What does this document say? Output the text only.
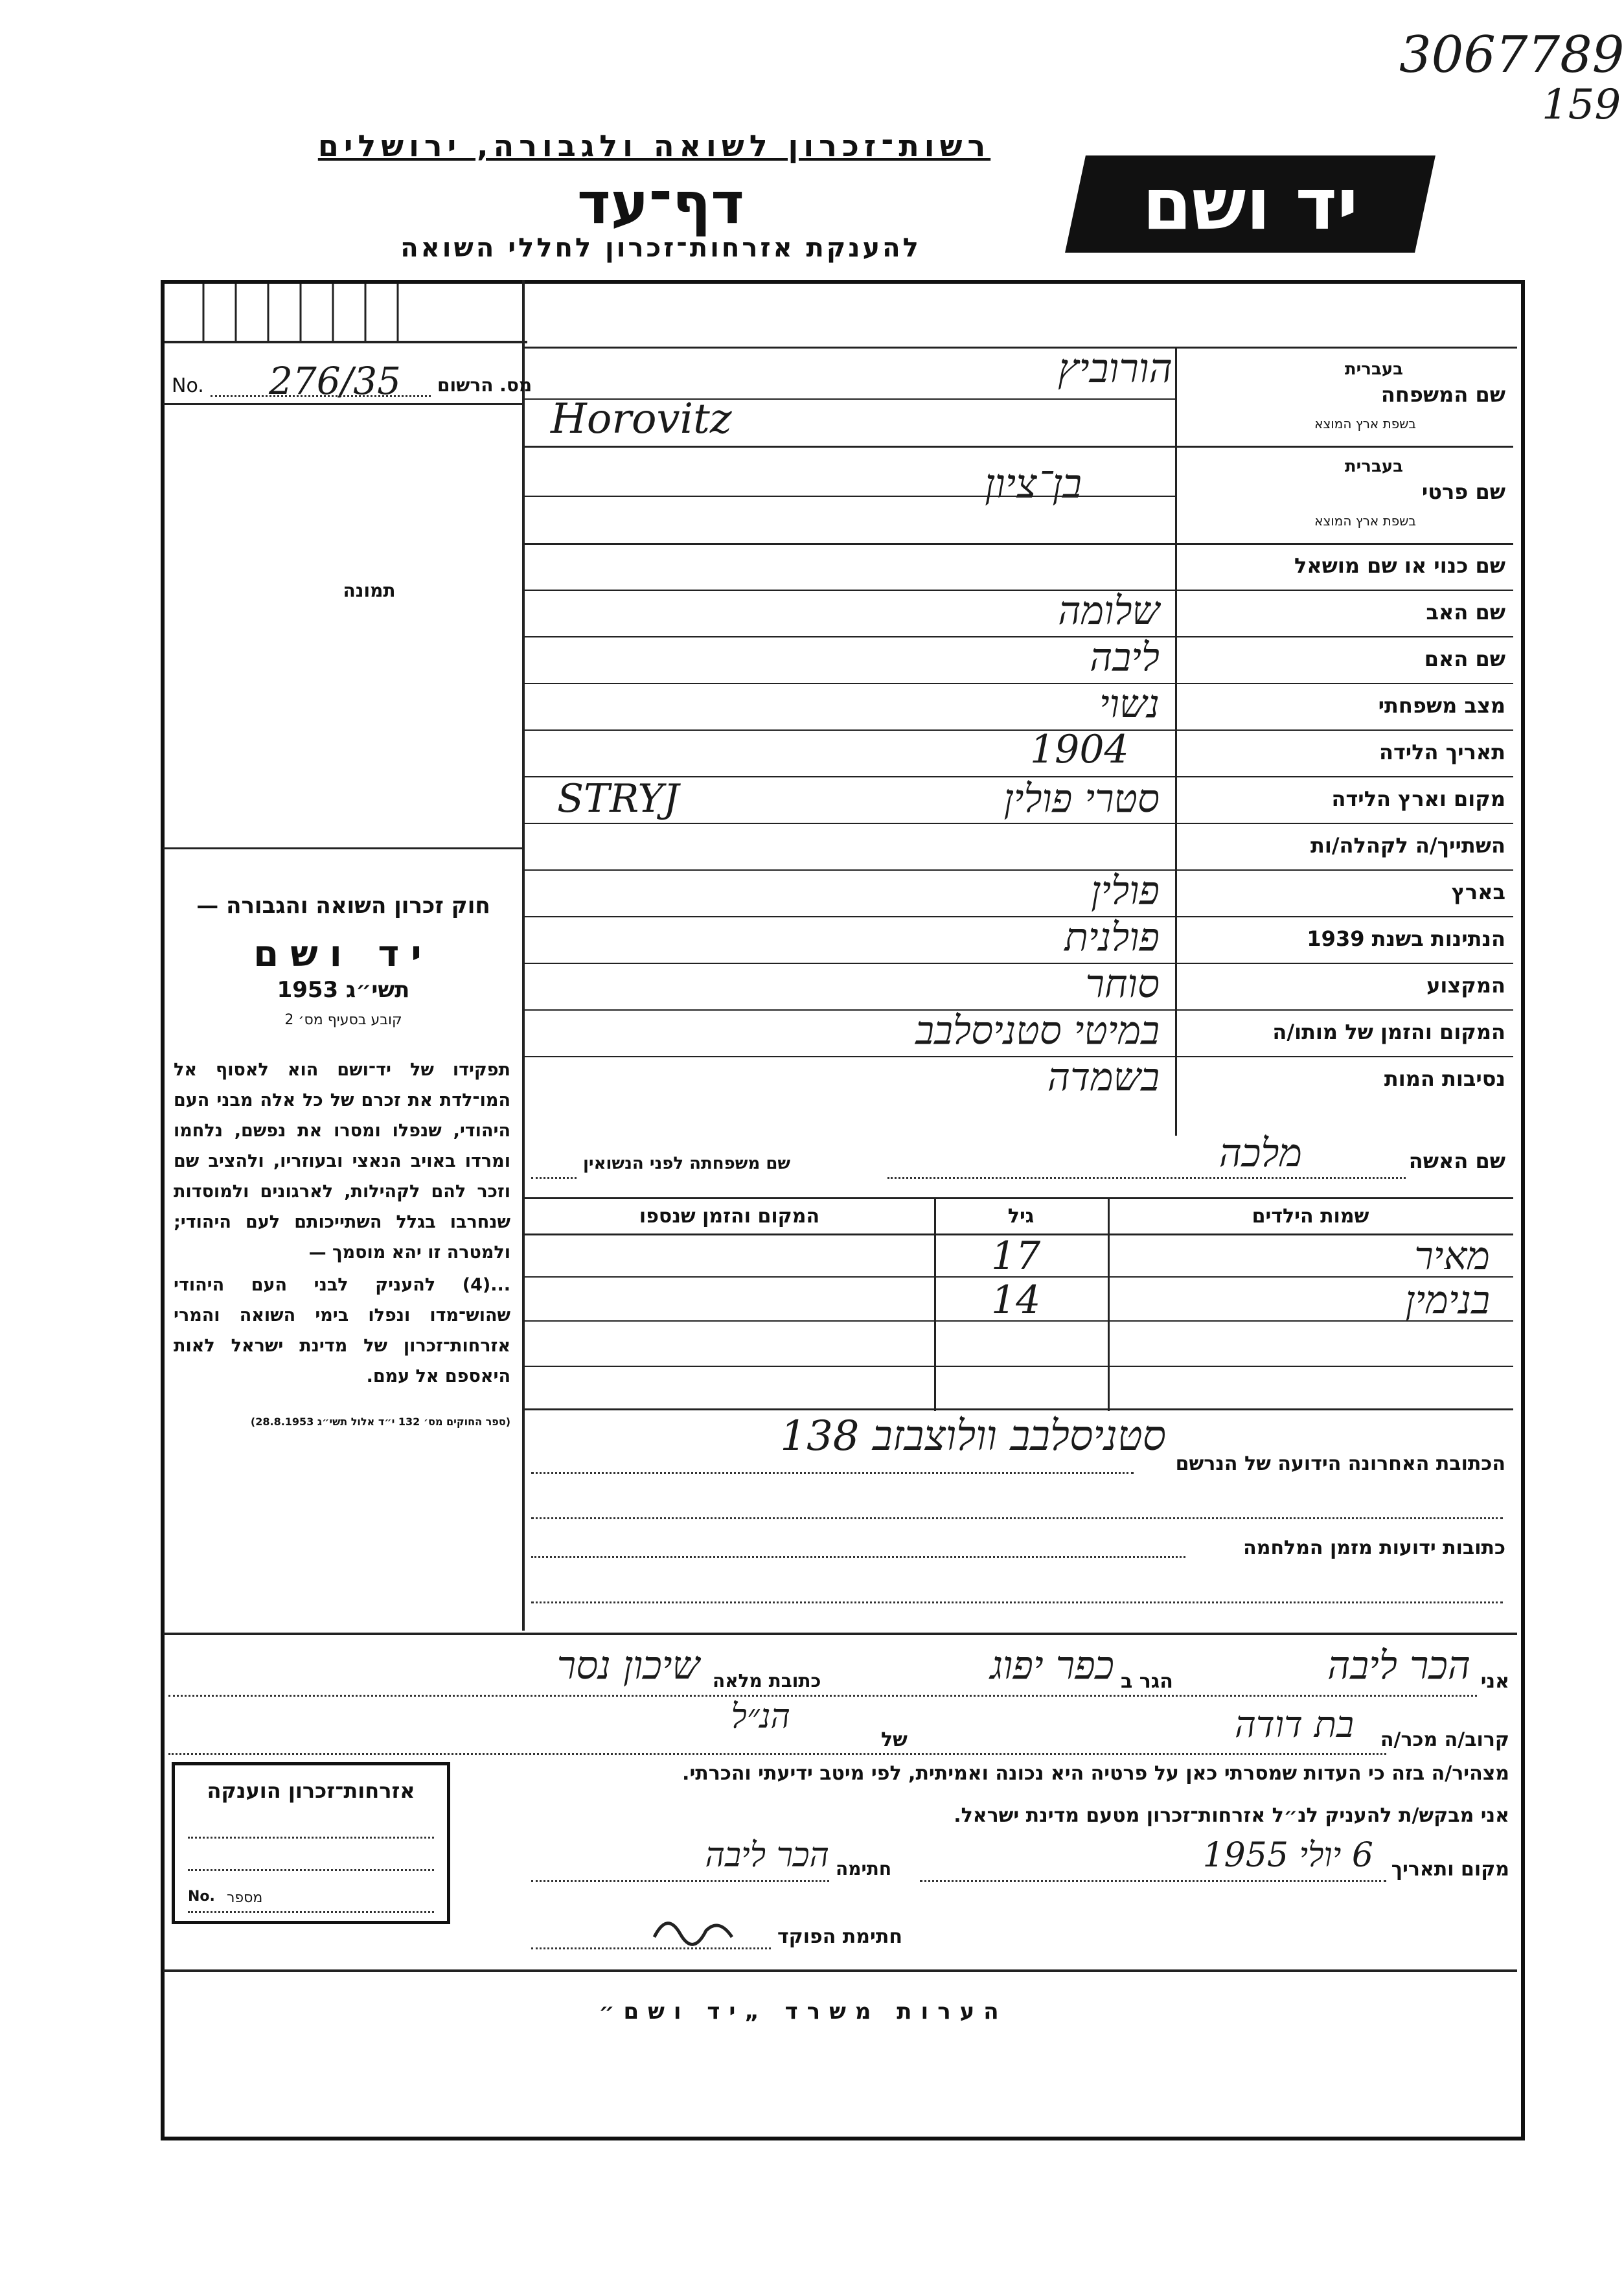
3067789
159
רשות־זכרון לשואה ולגבורה, ירושלים
דף־עד
להענקת אזרחות־זכרון לחללי השואה
יד ושם
No. 276/35 מס. הרשום
תמונה
חוק זכרון השואה והגבורה —
יד ושם
תשי״ג 1953
קובע בסעיף מס׳ 2
תפקידו של יד־ושם הוא לאסוף אל המו־לדת את זכרם של כל אלה מבני העם היהודי, שנפלו ומסרו את נפשם, נלחמו ומרדו באויב הנאצי ובעוזריו, ולהציב שם וזכר להם לקהילות, לארגונים ולמוסדות שנחרבו בגלל השתייכותם לעם היהודי; ולמטרה זו יהא מוסמך —
...(4) להעניק לבני העם היהודי שהוש־מדו ונפלו בימי השואה והמרי אזרחות־זכרון של מדינת ישראל לאות היאספם אל עמם.
(ספר החוקים מס׳ 132 י״ד אלול תשי״ג 28.8.1953)
שם המשפחה
בעברית
בשפת ארץ המוצא
הורוביץ
Horovitz
שם פרטי
בעברית
בשפת ארץ המוצא
בן־ציון
שם כנוי או שם מושאל
שם האב
שלומה
שם האם
ליבה
מצב משפחתי
נשוי
תאריך הלידה
1904
מקום וארץ הלידה
סטרי פולין
STRYJ
השתייך/ה לקהלה/ות
בארץ
פולין
הנתינות בשנת 1939
פולנית
המקצוע
סוחר
המקום והזמן של מותו/ה
במיטי סטניסלבב
נסיבות המות
בשמדה
שם האשה
מלכה
שם משפחתה לפני הנשואין
שמות הילדים
גיל
המקום והזמן שנספו
מאיר
17
בנימין
14
סטניסלבב וולוצבזב 138
הכתובת האחרונה הידועה של הנרשם
כתובות ידועות מזמן המלחמה
אני
הכר ליבה
הגר ב
כפר יפוג
כתובת מלאה
שיכון נסר
קרוב/ה מכר/ה
בת דודה
של
הנ״ל
מצהיר/ה בזה כי העדות שמסרתי כאן על פרטיה היא נכונה ואמיתית, לפי מיטב ידיעתי והכרתי.
אני מבקש/ת להעניק לנ״ל אזרחות־זכרון מטעם מדינת ישראל.
מקום ותאריך
6 יולי 1955
חתימה
הכר ליבה
חתימת הפוקד
אזרחות־זכרון הוענקה
No. מספר
הערות משרד „יד ושם״
